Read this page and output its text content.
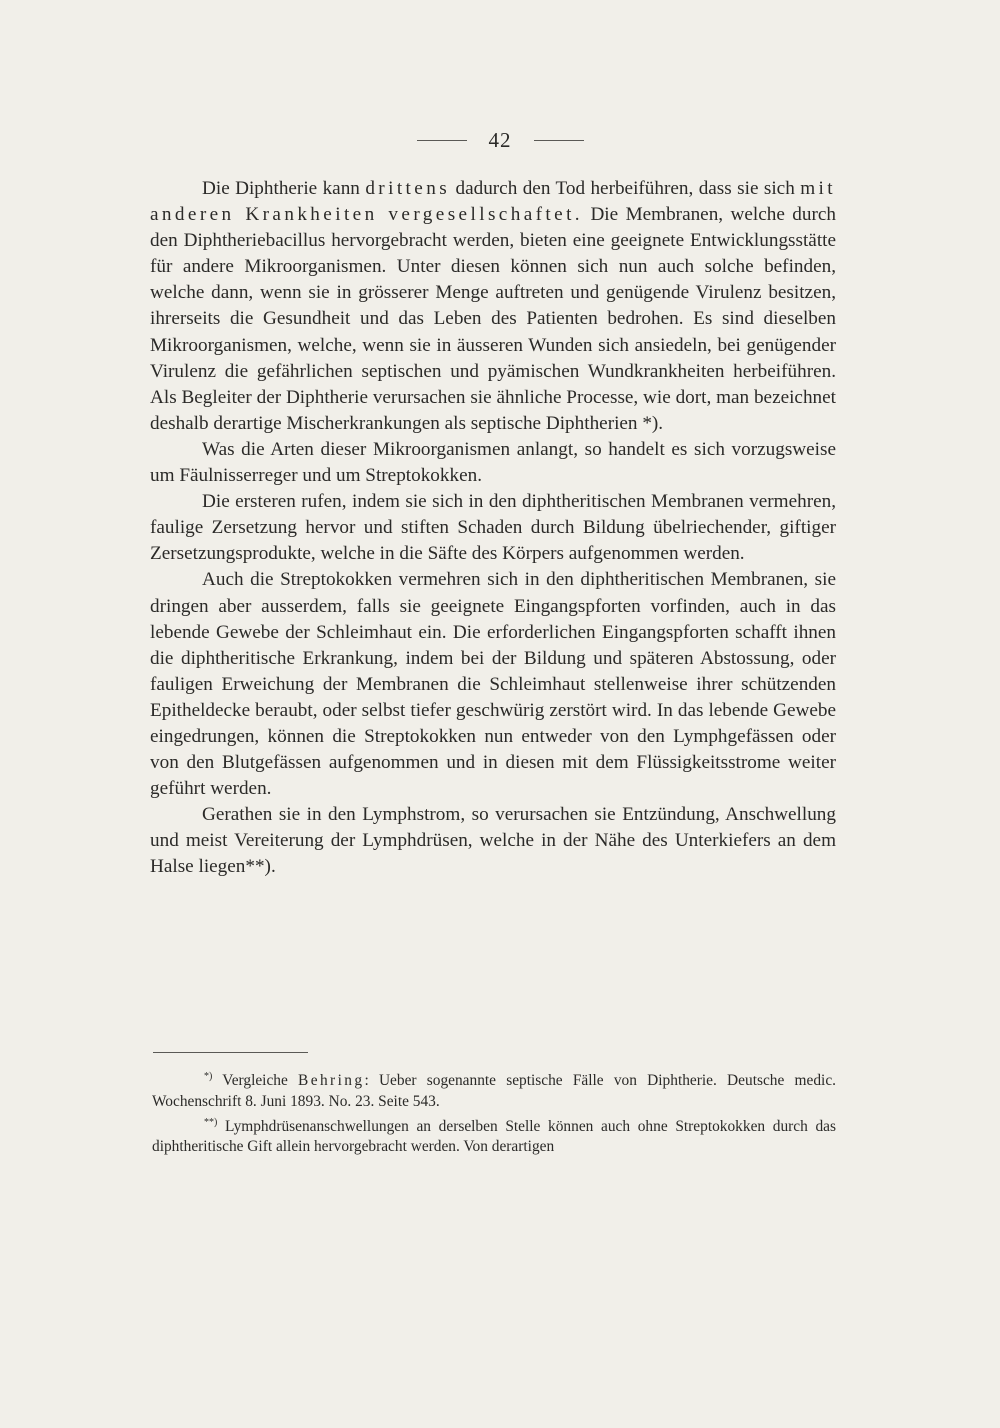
42

Die Diphtherie kann drittens dadurch den Tod herbeiführen, dass sie sich mit anderen Krankheiten vergesellschaftet. Die Membranen, welche durch den Diphtheriebacillus hervorgebracht werden, bieten eine geeignete Entwicklungsstätte für andere Mikroorganismen. Unter diesen können sich nun auch solche befinden, welche dann, wenn sie in grösserer Menge auftreten und genügende Virulenz besitzen, ihrerseits die Gesundheit und das Leben des Patienten bedrohen. Es sind dieselben Mikroorganismen, welche, wenn sie in äusseren Wunden sich ansiedeln, bei genügender Virulenz die gefährlichen septischen und pyämischen Wundkrankheiten herbeiführen. Als Begleiter der Diphtherie verursachen sie ähnliche Processe, wie dort, man bezeichnet deshalb derartige Mischerkrankungen als septische Diphtherien *).

Was die Arten dieser Mikroorganismen anlangt, so handelt es sich vorzugsweise um Fäulnisserreger und um Streptokokken.

Die ersteren rufen, indem sie sich in den diphtheritischen Membranen vermehren, faulige Zersetzung hervor und stiften Schaden durch Bildung übelriechender, giftiger Zersetzungsprodukte, welche in die Säfte des Körpers aufgenommen werden.

Auch die Streptokokken vermehren sich in den diphtheritischen Membranen, sie dringen aber ausserdem, falls sie geeignete Eingangspforten vorfinden, auch in das lebende Gewebe der Schleimhaut ein. Die erforderlichen Eingangspforten schafft ihnen die diphtheritische Erkrankung, indem bei der Bildung und späteren Abstossung, oder fauligen Erweichung der Membranen die Schleimhaut stellenweise ihrer schützenden Epitheldecke beraubt, oder selbst tiefer geschwürig zerstört wird. In das lebende Gewebe eingedrungen, können die Streptokokken nun entweder von den Lymphgefässen oder von den Blutgefässen aufgenommen und in diesen mit dem Flüssigkeitsstrome weiter geführt werden.

Gerathen sie in den Lymphstrom, so verursachen sie Entzündung, Anschwellung und meist Vereiterung der Lymphdrüsen, welche in der Nähe des Unterkiefers an dem Halse liegen**).

*) Vergleiche Behring: Ueber sogenannte septische Fälle von Diphtherie. Deutsche medic. Wochenschrift 8. Juni 1893. No. 23. Seite 543.

**) Lymphdrüsenanschwellungen an derselben Stelle können auch ohne Streptokokken durch das diphtheritische Gift allein hervorgebracht werden. Von derartigen
